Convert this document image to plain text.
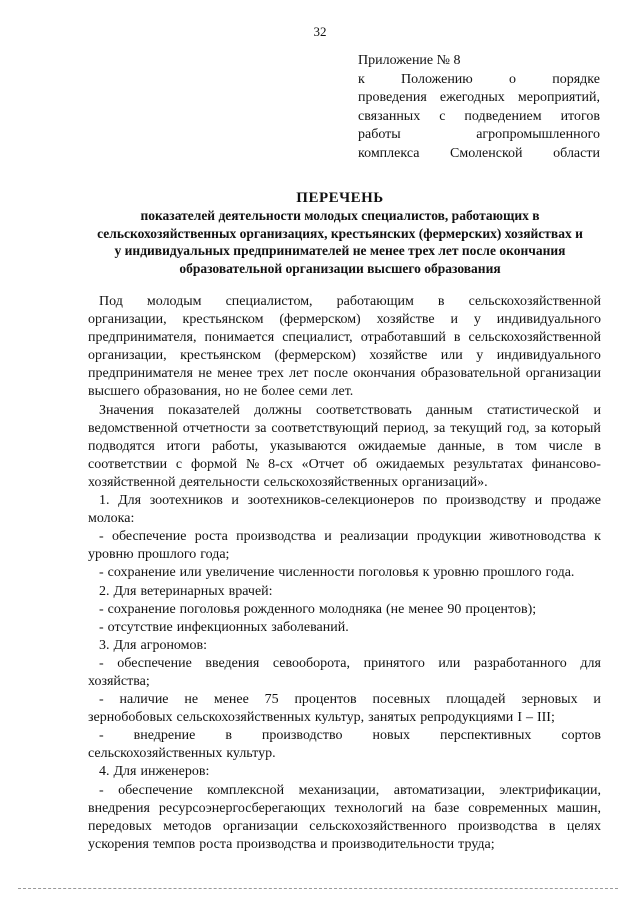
32
Приложение № 8
к	Положению	о	порядке
проведения ежегодных мероприятий,
связанных с подведением итогов
работы	агропромышленного
комплекса Смоленской области
ПЕРЕЧЕНЬ
показателей деятельности молодых специалистов, работающих в
сельскохозяйственных организациях, крестьянских (фермерских) хозяйствах и
у индивидуальных предпринимателей не менее трех лет после окончания
образовательной организации высшего образования
Под молодым специалистом, работающим в сельскохозяйственной
организации, крестьянском (фермерском) хозяйстве и у индивидуального
предпринимателя, понимается специалист, отработавший в сельскохозяйственной
организации, крестьянском (фермерском) хозяйстве или у индивидуального
предпринимателя не менее трех лет после окончания образовательной организации
высшего образования, но не более семи лет.
Значения показателей должны соответствовать данным статистической и
ведомственной отчетности за соответствующий период, за текущий год, за который
подводятся итоги работы, указываются ожидаемые данные, в том числе в
соответствии с формой № 8-сх «Отчет об ожидаемых результатах финансово-
хозяйственной деятельности сельскохозяйственных организаций».
1. Для зоотехников и зоотехников-селекционеров по производству и продаже
молока:
- обеспечение роста производства и реализации продукции животноводства к
уровню прошлого года;
- сохранение или увеличение численности поголовья к уровню прошлого года.
2. Для ветеринарных врачей:
- сохранение поголовья рожденного молодняка (не менее 90 процентов);
- отсутствие инфекционных заболеваний.
3. Для агрономов:
- обеспечение введения севооборота, принятого или разработанного для
хозяйства;
- наличие не менее 75 процентов посевных площадей зерновых и
зернобобовых сельскохозяйственных культур, занятых репродукциями I – III;
- внедрение в производство новых перспективных сортов
сельскохозяйственных культур.
4. Для инженеров:
- обеспечение комплексной механизации, автоматизации, электрификации,
внедрения ресурсоэнергосберегающих технологий на базе современных машин,
передовых методов организации сельскохозяйственного производства в целях
ускорения темпов роста производства и производительности труда;
